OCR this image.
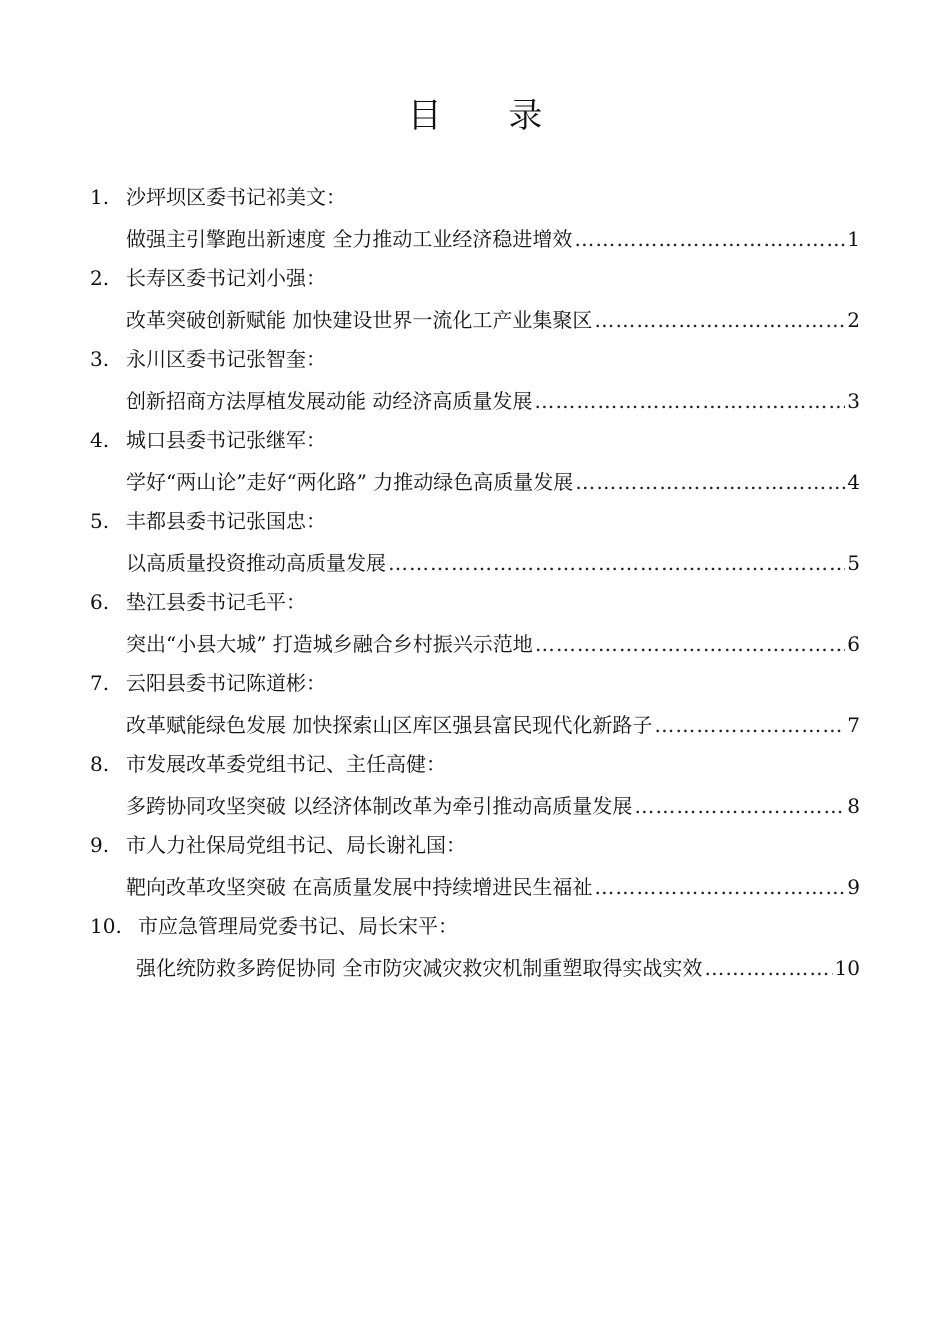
目 录
1. 沙坪坝区委书记祁美文：
做强主引擎跑出新速度 全力推动工业经济稳进增效 ………………………………………………………………………………………………………………………………………………	1
2. 长寿区委书记刘小强：
改革突破创新赋能 加快建设世界一流化工产业集聚区 ………………………………………………………………………………………………………………………………………………	2
3. 永川区委书记张智奎：
创新招商方法厚植发展动能 动经济高质量发展 ………………………………………………………………………………………………………………………………………………	3
4. 城口县委书记张继军：
学好“两山论”走好“两化路” 力推动绿色高质量发展 ………………………………………………………………………………………………………………………………………………	4
5. 丰都县委书记张国忠：
以高质量投资推动高质量发展 ………………………………………………………………………………………………………………………………………………	5
6. 垫江县委书记毛平：
突出“小县大城” 打造城乡融合乡村振兴示范地 ………………………………………………………………………………………………………………………………………………	6
7. 云阳县委书记陈道彬：
改革赋能绿色发展 加快探索山区库区强县富民现代化新路子 ………………………………………………………………………………………………………………………………………………	7
8. 市发展改革委党组书记、主任高健：
多跨协同攻坚突破 以经济体制改革为牵引推动高质量发展 ………………………………………………………………………………………………………………………………………………	8
9. 市人力社保局党组书记、局长谢礼国：
靶向改革攻坚突破 在高质量发展中持续增进民生福祉 ………………………………………………………………………………………………………………………………………………	9
10. 市应急管理局党委书记、局长宋平：
强化统防救多跨促协同 全市防灾减灾救灾机制重塑取得实战实效 ………………………………………………………………………………………………………………………………………………	10
